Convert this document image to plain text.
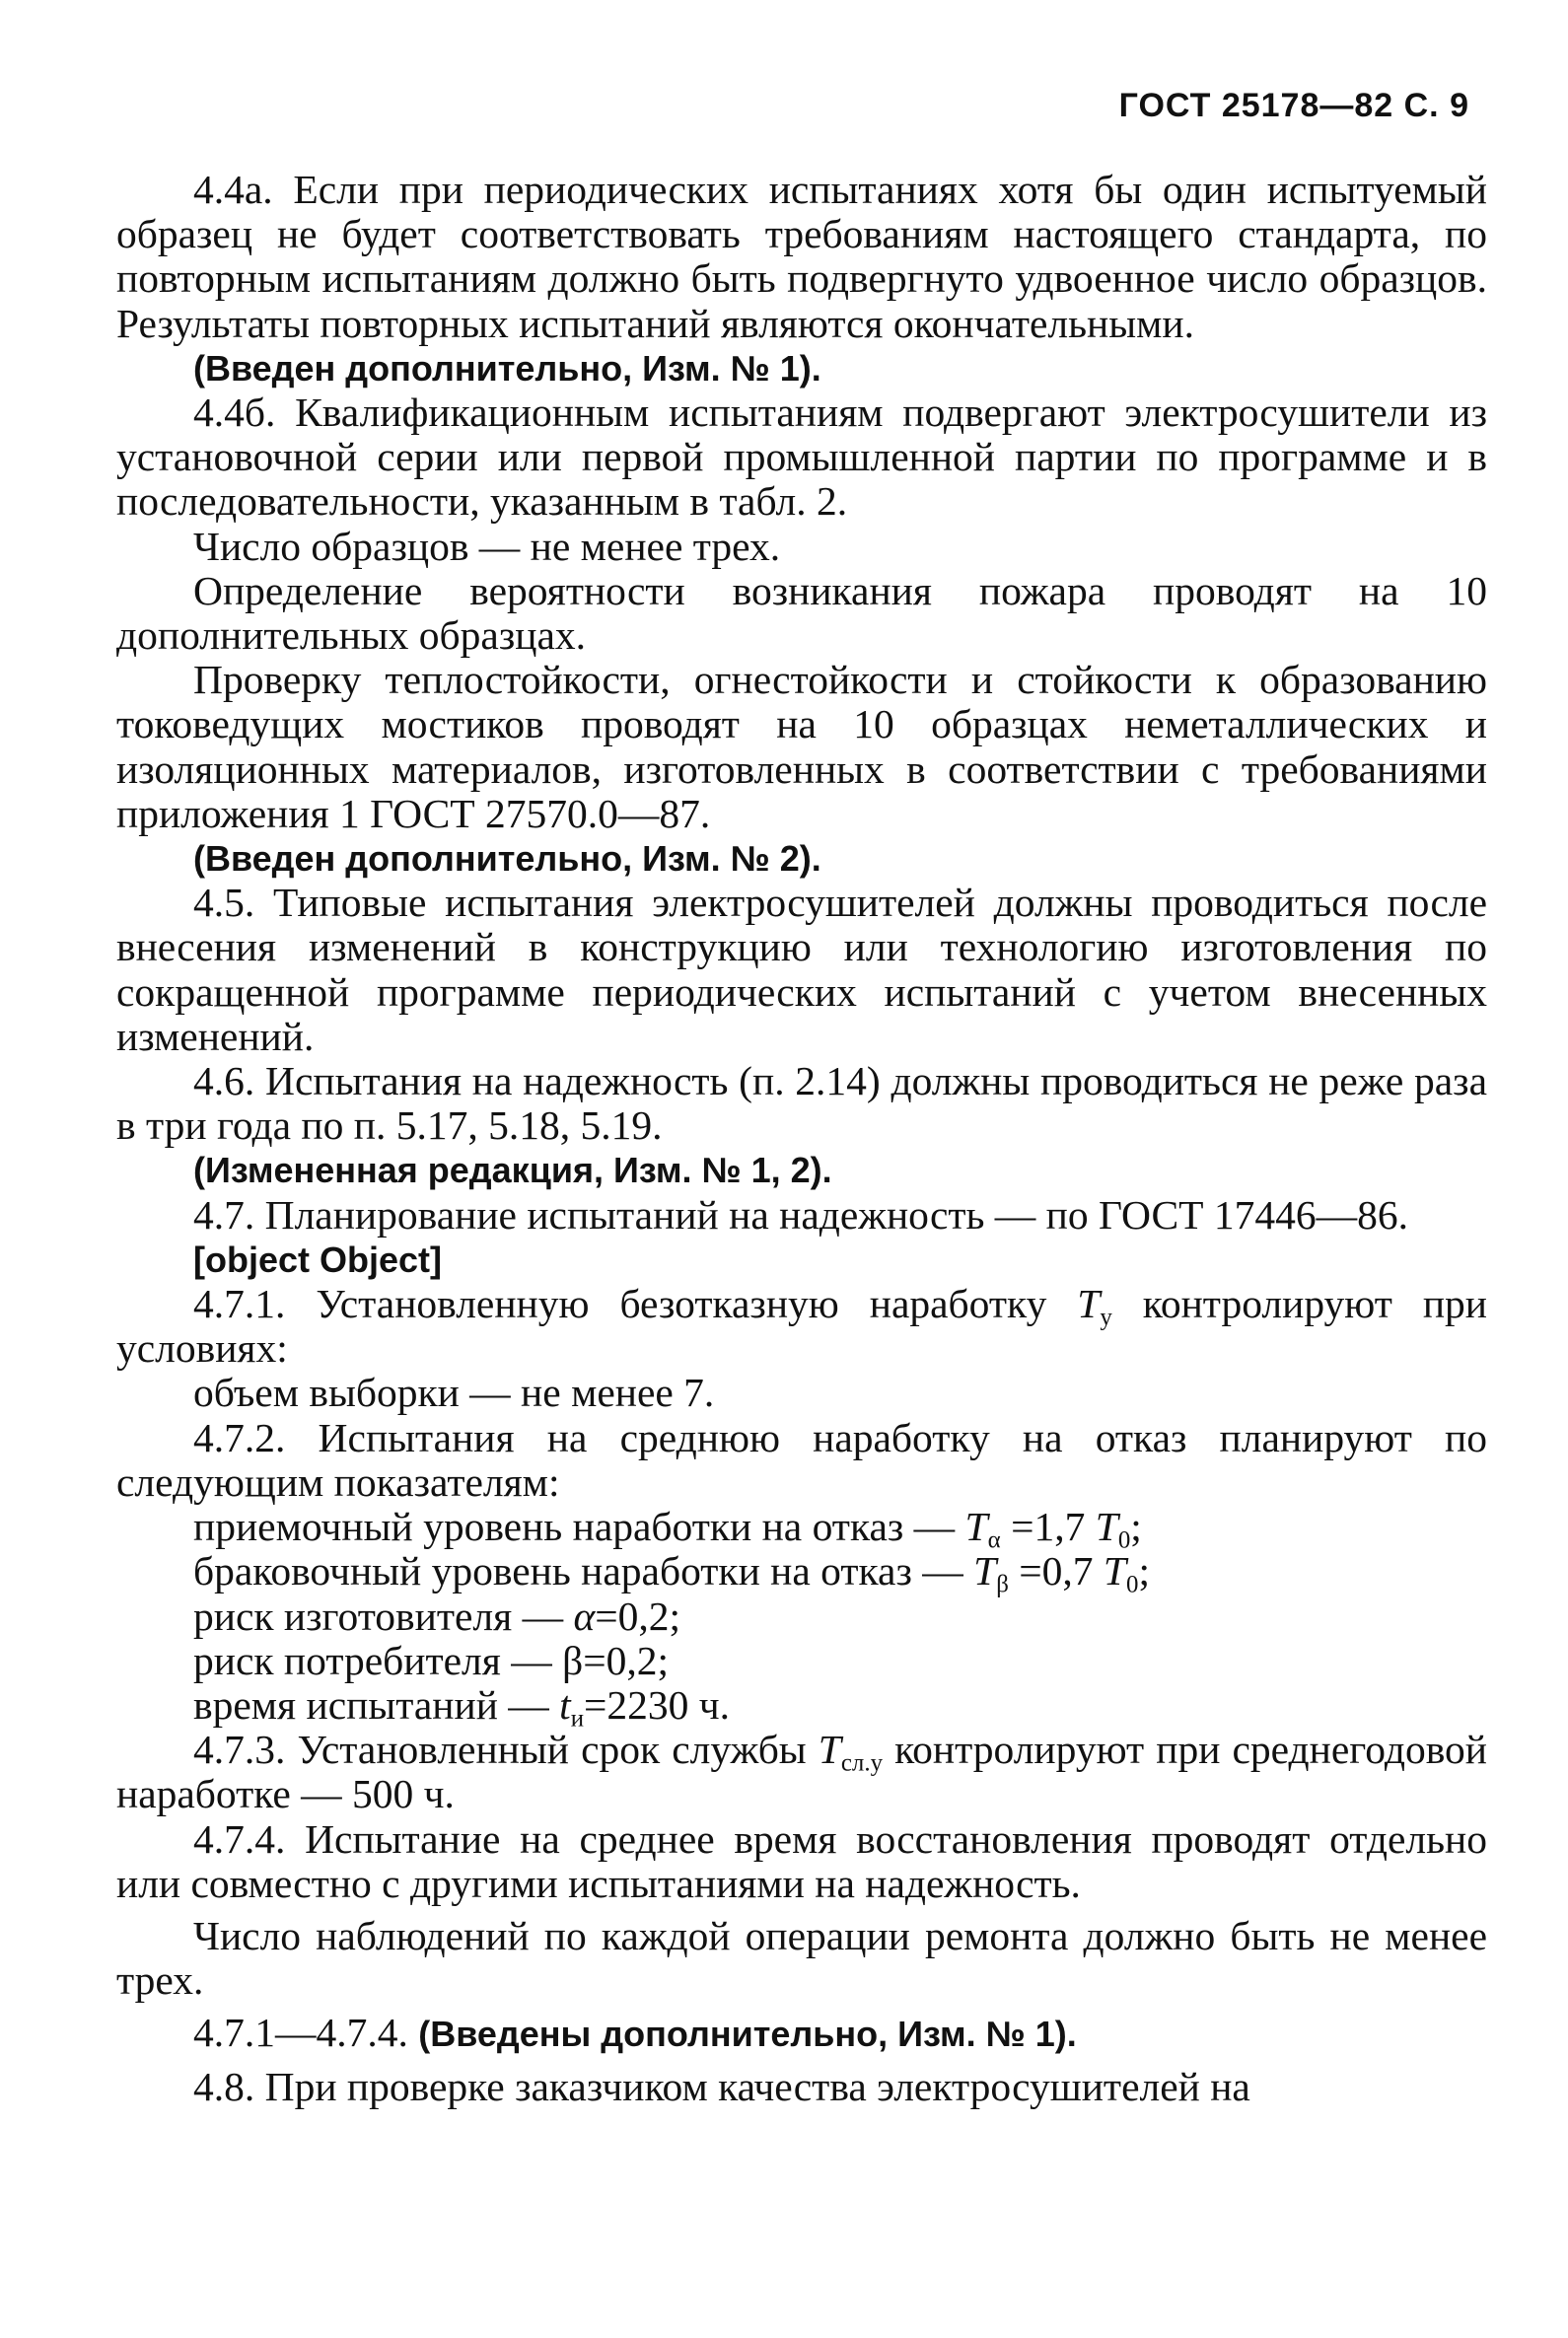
ГОСТ 25178—82 С. 9

4.4а. Если при периодических испытаниях хотя бы один испытуемый образец не будет соответствовать требованиям настоящего стандарта, по повторным испытаниям должно быть подвергнуто удвоенное число образцов. Результаты повторных испытаний являются окончательными.

(Введен дополнительно, Изм. № 1).

4.4б. Квалификационным испытаниям подвергают электросушители из установочной серии или первой промышленной партии по программе и в последовательности, указанным в табл. 2.

Число образцов — не менее трех.

Определение вероятности возникания пожара проводят на 10 дополнительных образцах.

Проверку теплостойкости, огнестойкости и стойкости к образованию токоведущих мостиков проводят на 10 образцах неметаллических и изоляционных материалов, изготовленных в соответствии с требованиями приложения 1 ГОСТ 27570.0—87.

(Введен дополнительно, Изм. № 2).

4.5. Типовые испытания электросушителей должны проводиться после внесения изменений в конструкцию или технологию изготовления по сокращенной программе периодических испытаний с учетом внесенных изменений.

4.6. Испытания на надежность (п. 2.14) должны проводиться не реже раза в три года по п. 5.17, 5.18, 5.19.

(Измененная редакция, Изм. № 1, 2).

4.7. Планирование испытаний на надежность — по ГОСТ 17446—86.

[object Object]

4.7.1. Установленную безотказную наработку $T_у$ контролируют при условиях:

объем выборки — не менее 7.

4.7.2. Испытания на среднюю наработку на отказ планируют по следующим показателям:

приемочный уровень наработки на отказ — $T_\alpha =1,7$ $T_0$;

браковочный уровень наработки на отказ — $T_\beta =0,7$ $T_0$;

риск изготовителя — α=0,2;

риск потребителя — β=0,2;

время испытаний — $t_и=2230$ ч.

4.7.3. Установленный срок службы $T_{сл.у}$ контролируют при среднегодовой наработке — 500 ч.

4.7.4. Испытание на среднее время восстановления проводят отдельно или совместно с другими испытаниями на надежность.

Число наблюдений по каждой операции ремонта должно быть не менее трех.

4.7.1—4.7.4. (Введены дополнительно, Изм. № 1).

4.8. При проверке заказчиком качества электросушителей на
